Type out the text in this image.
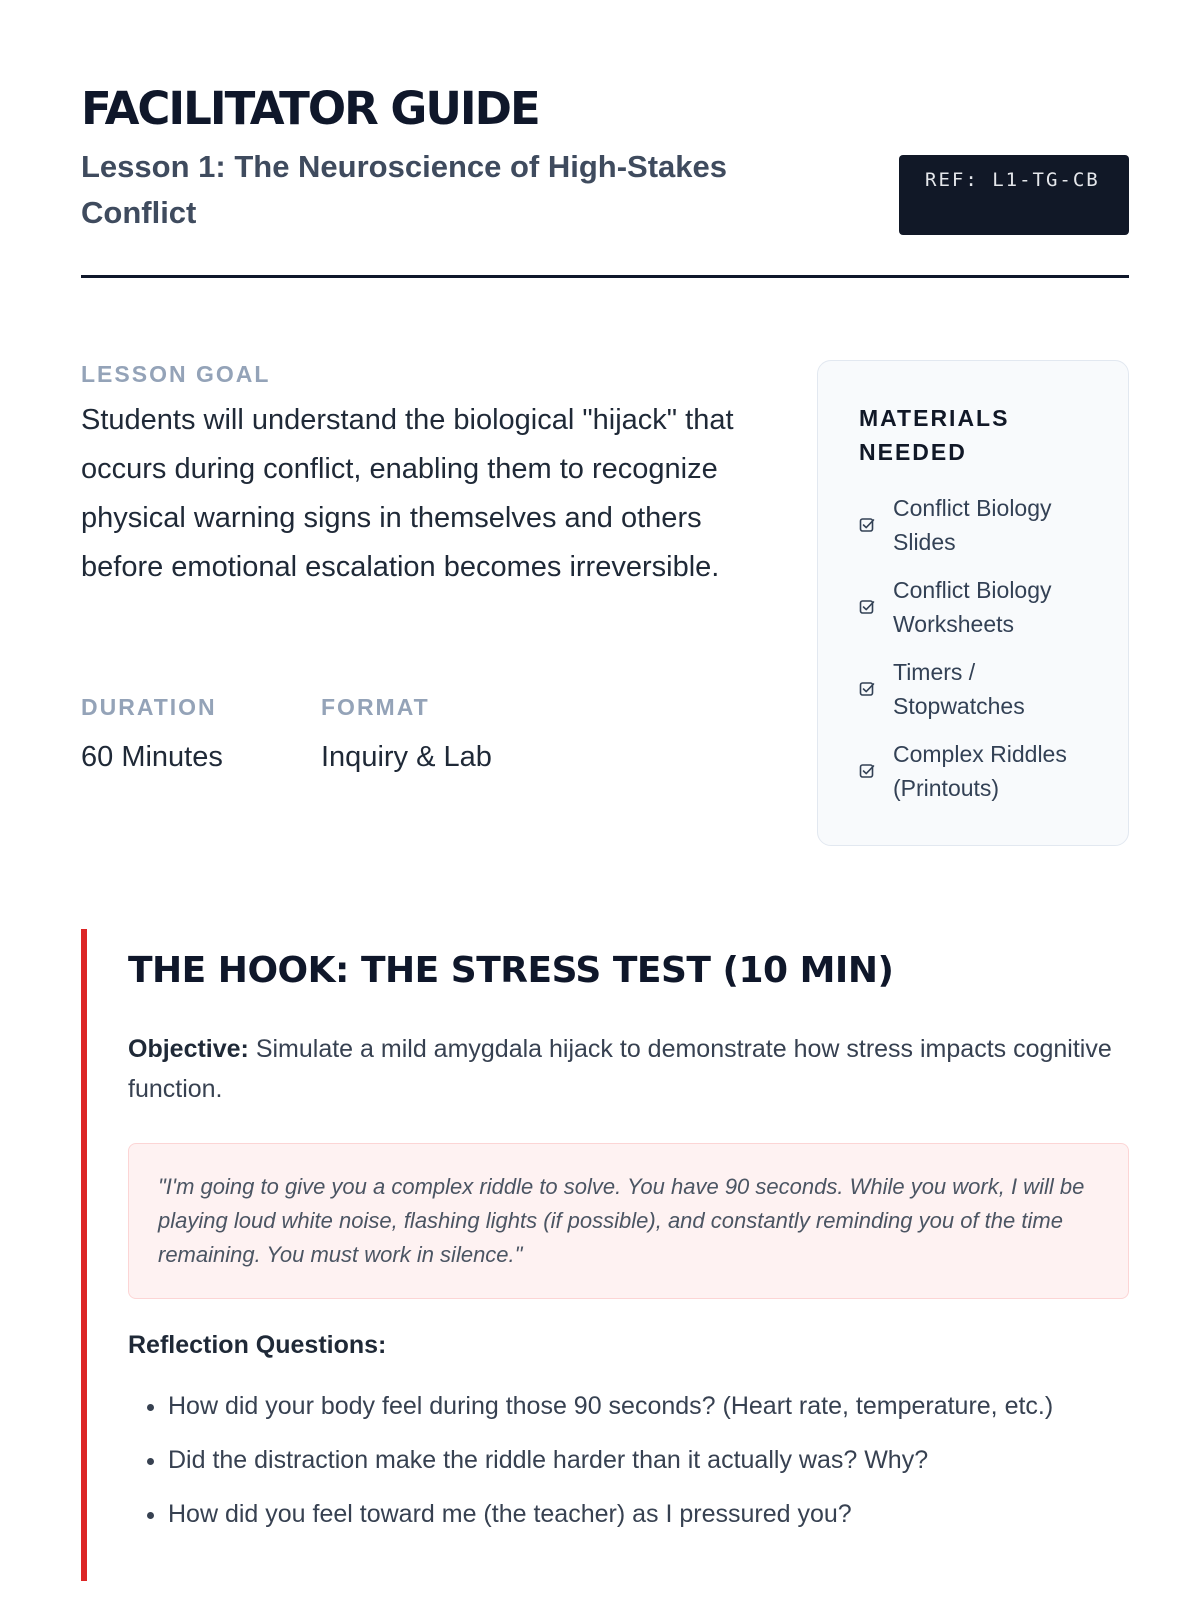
FACILITATOR GUIDE
Lesson 1: The Neuroscience of High-Stakes Conflict
REF: L1-TG-CB

LESSON GOAL

Students will understand the biological "hijack" that occurs during conflict, enabling them to recognize physical warning signs in themselves and others before emotional escalation becomes irreversible.

DURATION

60 Minutes

FORMAT

Inquiry & Lab

MATERIALS NEEDED

Conflict Biology Slides
Conflict Biology Worksheets
Timers / Stopwatches
Complex Riddles (Printouts)
THE HOOK: THE STRESS TEST (10 MIN)

Objective: Simulate a mild amygdala hijack to demonstrate how stress impacts cognitive function.

"I'm going to give you a complex riddle to solve. You have 90 seconds. While you work, I will be playing loud white noise, flashing lights (if possible), and constantly reminding you of the time remaining. You must work in silence."

Reflection Questions:

• How did your body feel during those 90 seconds? (Heart rate, temperature, etc.)
• Did the distraction make the riddle harder than it actually was? Why?
• How did you feel toward me (the teacher) as I pressured you?
